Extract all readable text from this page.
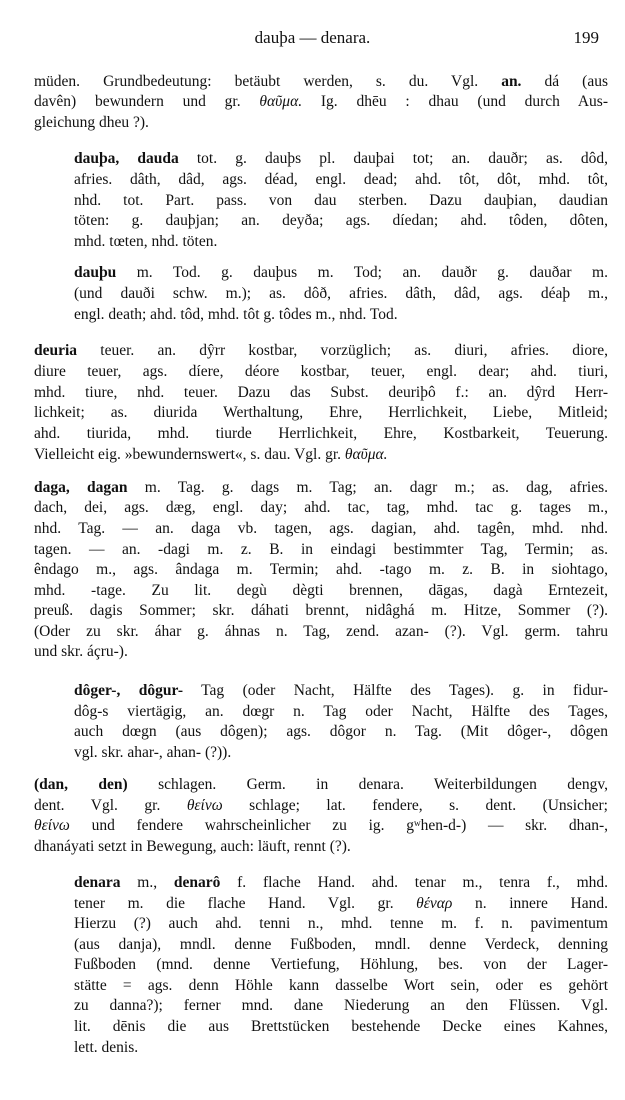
dauþa — denara.	199
müden. Grundbedeutung: betäubt werden, s. du. Vgl. an. dá (aus
davên) bewundern und gr. θαῦμα. Ig. dhēu : dhau (und durch Aus-
gleichung dheu ?).
dauþa, dauda tot. g. dauþs pl. dauþai tot; an. dauðr; as. dôd,
afries. dâth, dâd, ags. déad, engl. dead; ahd. tôt, dôt, mhd. tôt,
nhd. tot. Part. pass. von dau sterben. Dazu dauþian, daudian
töten: g. dauþjan; an. deyða; ags. díedan; ahd. tôden, dôten,
mhd. tœten, nhd. töten.
dauþu m. Tod. g. dauþus m. Tod; an. dauðr g. dauðar m.
(und dauði schw. m.); as. dôð, afries. dâth, dâd, ags. déaþ m.,
engl. death; ahd. tôd, mhd. tôt g. tôdes m., nhd. Tod.
deuria teuer. an. dŷrr kostbar, vorzüglich; as. diuri, afries. diore,
diure teuer, ags. díere, déore kostbar, teuer, engl. dear; ahd. tiuri,
mhd. tiure, nhd. teuer. Dazu das Subst. deuriþô f.: an. dŷrd Herr-
lichkeit; as. diurida Werthaltung, Ehre, Herrlichkeit, Liebe, Mitleid;
ahd. tiurida, mhd. tiurde Herrlichkeit, Ehre, Kostbarkeit, Teuerung.
Vielleicht eig. »bewundernswert«, s. dau. Vgl. gr. θαῦμα.
daga, dagan m. Tag. g. dags m. Tag; an. dagr m.; as. dag, afries.
dach, dei, ags. dæg, engl. day; ahd. tac, tag, mhd. tac g. tages m.,
nhd. Tag. — an. daga vb. tagen, ags. dagian, ahd. tagên, mhd. nhd.
tagen. — an. -dagi m. z. B. in eindagi bestimmter Tag, Termin; as.
êndago m., ags. ândaga m. Termin; ahd. -tago m. z. B. in siohtago,
mhd. -tage. Zu lit. degù dègti brennen, dāgas, dagà Erntezeit,
preuß. dagis Sommer; skr. dáhati brennt, nidâghá m. Hitze, Sommer (?).
(Oder zu skr. áhar g. áhnas n. Tag, zend. azan- (?). Vgl. germ. tahru
und skr. áçru-).
dôger-, dôgur- Tag (oder Nacht, Hälfte des Tages). g. in fidur-
dôg-s viertägig, an. dœgr n. Tag oder Nacht, Hälfte des Tages,
auch dœgn (aus dôgen); ags. dôgor n. Tag. (Mit dôger-, dôgen
vgl. skr. ahar-, ahan- (?)).
(dan, den) schlagen. Germ. in denara. Weiterbildungen dengv,
dent. Vgl. gr. θείνω schlage; lat. fendere, s. dent. (Unsicher;
θείνω und fendere wahrscheinlicher zu ig. gʷhen-d-) — skr. dhan-,
dhanáyati setzt in Bewegung, auch: läuft, rennt (?).
denara m., denarô f. flache Hand. ahd. tenar m., tenra f., mhd.
tener m. die flache Hand. Vgl. gr. θέναρ n. innere Hand.
Hierzu (?) auch ahd. tenni n., mhd. tenne m. f. n. pavimentum
(aus danja), mndl. denne Fußboden, mndl. denne Verdeck, denning
Fußboden (mnd. denne Vertiefung, Höhlung, bes. von der Lager-
stätte = ags. denn Höhle kann dasselbe Wort sein, oder es gehört
zu danna?); ferner mnd. dane Niederung an den Flüssen. Vgl.
lit. dēnis die aus Brettstücken bestehende Decke eines Kahnes,
lett. denis.
